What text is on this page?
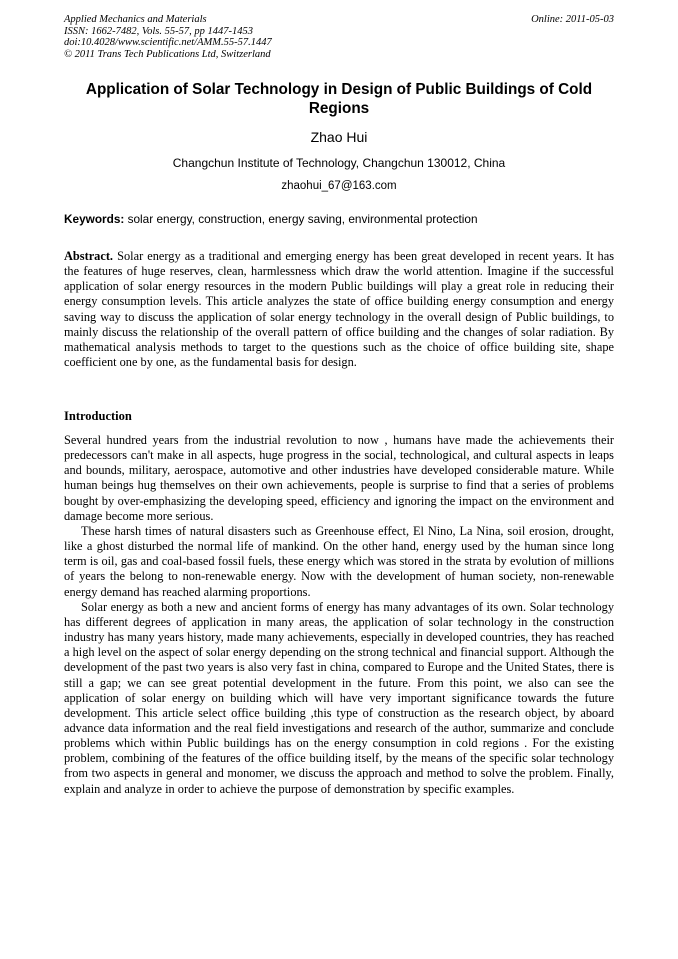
Applied Mechanics and Materials
ISSN: 1662-7482, Vols. 55-57, pp 1447-1453
doi:10.4028/www.scientific.net/AMM.55-57.1447
© 2011 Trans Tech Publications Ltd, Switzerland
Online: 2011-05-03
Application of Solar Technology in Design of Public Buildings of Cold Regions
Zhao Hui
Changchun Institute of Technology, Changchun 130012, China
zhaohui_67@163.com
Keywords: solar energy, construction, energy saving, environmental protection
Abstract. Solar energy as a traditional and emerging energy has been great developed in recent years. It has the features of huge reserves, clean, harmlessness which draw the world attention. Imagine if the successful application of solar energy resources in the modern Public buildings will play a great role in reducing their energy consumption levels. This article analyzes the state of office building energy consumption and energy saving way to discuss the application of solar energy technology in the overall design of Public buildings, to mainly discuss the relationship of the overall pattern of office building and the changes of solar radiation. By mathematical analysis methods to target to the questions such as the choice of office building site, shape coefficient one by one, as the fundamental basis for design.
Introduction

Several hundred years from the industrial revolution to now , humans have made the achievements their predecessors can't make in all aspects, huge progress in the social, technological, and cultural aspects in leaps and bounds, military, aerospace, automotive and other industries have developed considerable mature. While human beings hug themselves on their own achievements, people is surprise to find that a series of problems bought by over-emphasizing the developing speed, efficiency and ignoring the impact on the environment and damage become more serious.

These harsh times of natural disasters such as Greenhouse effect, El Nino, La Nina, soil erosion, drought, like a ghost disturbed the normal life of mankind. On the other hand, energy used by the human since long term is oil, gas and coal-based fossil fuels, these energy which was stored in the strata by evolution of millions of years the belong to non-renewable energy. Now with the development of human society, non-renewable energy demand has reached alarming proportions.

Solar energy as both a new and ancient forms of energy has many advantages of its own. Solar technology has different degrees of application in many areas, the application of solar technology in the construction industry has many years history, made many achievements, especially in developed countries, they has reached a high level on the aspect of solar energy depending on the strong technical and financial support. Although the development of the past two years is also very fast in china, compared to Europe and the United States, there is still a gap; we can see great potential development in the future. From this point, we also can see the application of solar energy on building which will have very important significance towards the future development. This article select office building ,this type of construction as the research object, by aboard advance data information and the real field investigations and research of the author, summarize and conclude problems which within Public buildings has on the energy consumption in cold regions . For the existing problem, combining of the features of the office building itself, by the means of the specific solar technology from two aspects in general and monomer, we discuss the approach and method to solve the problem. Finally, explain and analyze in order to achieve the purpose of demonstration by specific examples.
